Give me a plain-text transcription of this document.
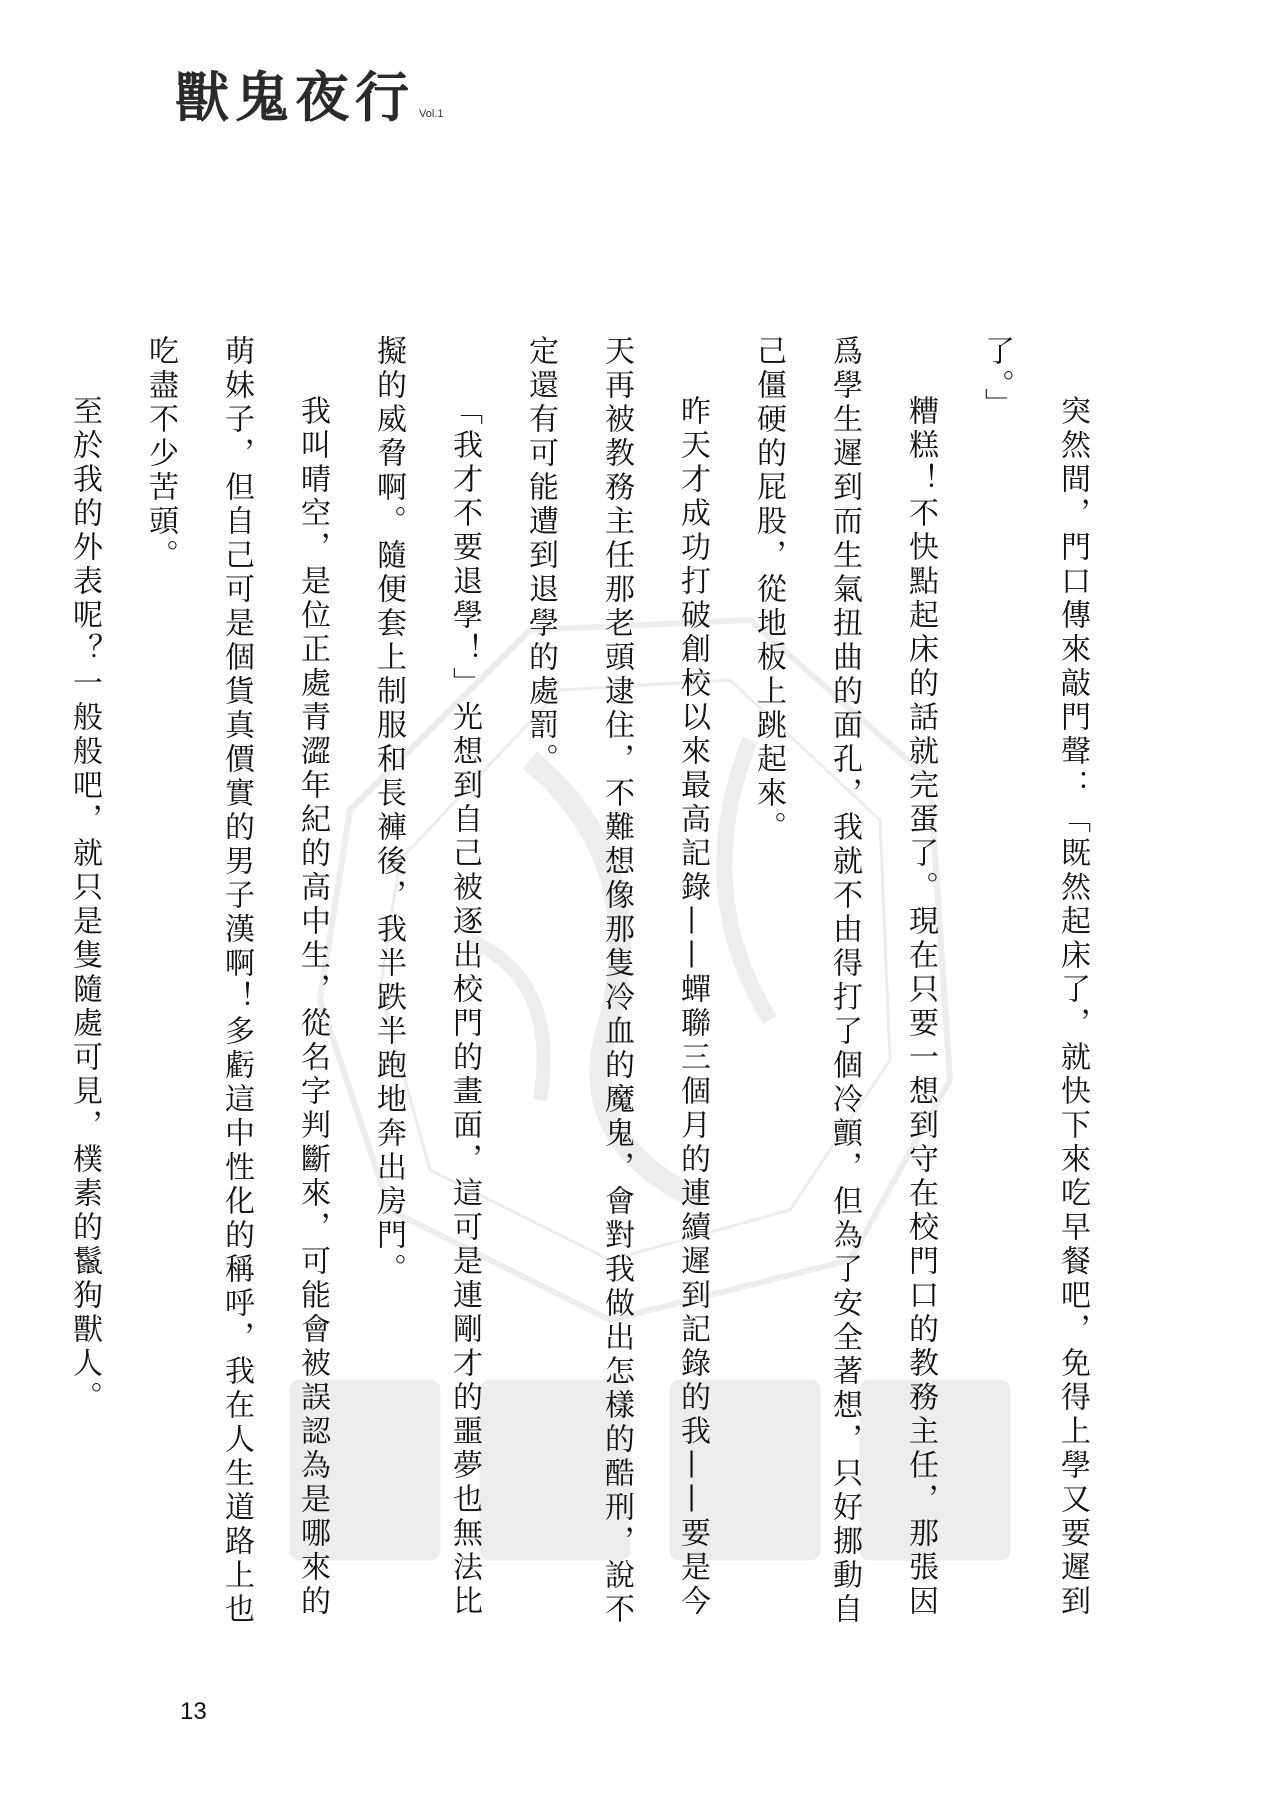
獸鬼夜行 Vol.1

突然間，門口傳來敲門聲：「既然起床了，就快下來吃早餐吧，免得上學又要遲到了。」

糟糕！不快點起床的話就完蛋了。現在只要一想到守在校門口的教務主任，那張因爲學生遲到而生氣扭曲的面孔，我就不由得打了個冷顫，但為了安全著想，只好挪動自己僵硬的屁股，從地板上跳起來。

昨天才成功打破創校以來最高記錄——蟬聯三個月的連續遲到記錄的我——要是今天再被教務主任那老頭逮住，不難想像那隻冷血的魔鬼，會對我做出怎樣的酷刑，說不定還有可能遭到退學的處罰。

「我才不要退學！」光想到自己被逐出校門的畫面，這可是連剛才的噩夢也無法比擬的威脅啊。隨便套上制服和長褲後，我半跌半跑地奔出房門。

我叫晴空，是位正處青澀年紀的高中生，從名字判斷來，可能會被誤認為是哪來的萌妹子，但自己可是個貨真價實的男子漢啊！多虧這中性化的稱呼，我在人生道路上也吃盡不少苦頭。

至於我的外表呢？一般般吧，就只是隻隨處可見，樸素的鬣狗獸人。

13
